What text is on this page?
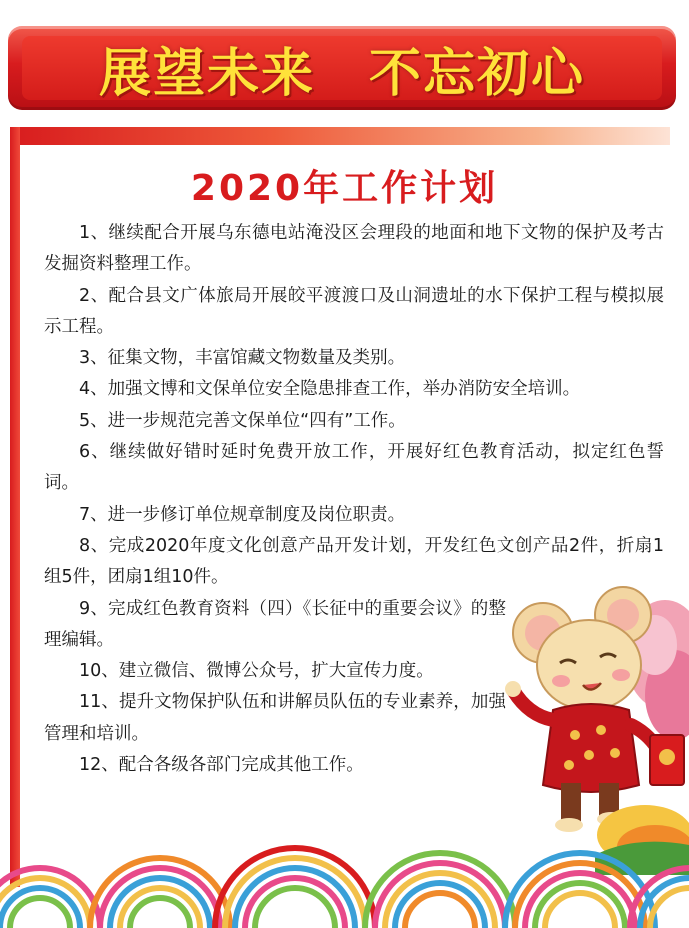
展望未来　不忘初心
2020年工作计划

1、继续配合开展乌东德电站淹没区会理段的地面和地下文物的保护及考古发掘资料整理工作。

2、配合县文广体旅局开展皎平渡渡口及山洞遗址的水下保护工程与模拟展示工程。

3、征集文物，丰富馆藏文物数量及类别。

4、加强文博和文保单位安全隐患排查工作，举办消防安全培训。

5、进一步规范完善文保单位“四有”工作。

6、继续做好错时延时免费开放工作，开展好红色教育活动，拟定红色誓词。

7、进一步修订单位规章制度及岗位职责。

8、完成2020年度文化创意产品开发计划，开发红色文创产品2件，折扇1组5件，团扇1组10件。

9、完成红色教育资料（四）《长征中的重要会议》的整理编辑。

10、建立微信、微博公众号，扩大宣传力度。

11、提升文物保护队伍和讲解员队伍的专业素养，加强管理和培训。

12、配合各级各部门完成其他工作。
